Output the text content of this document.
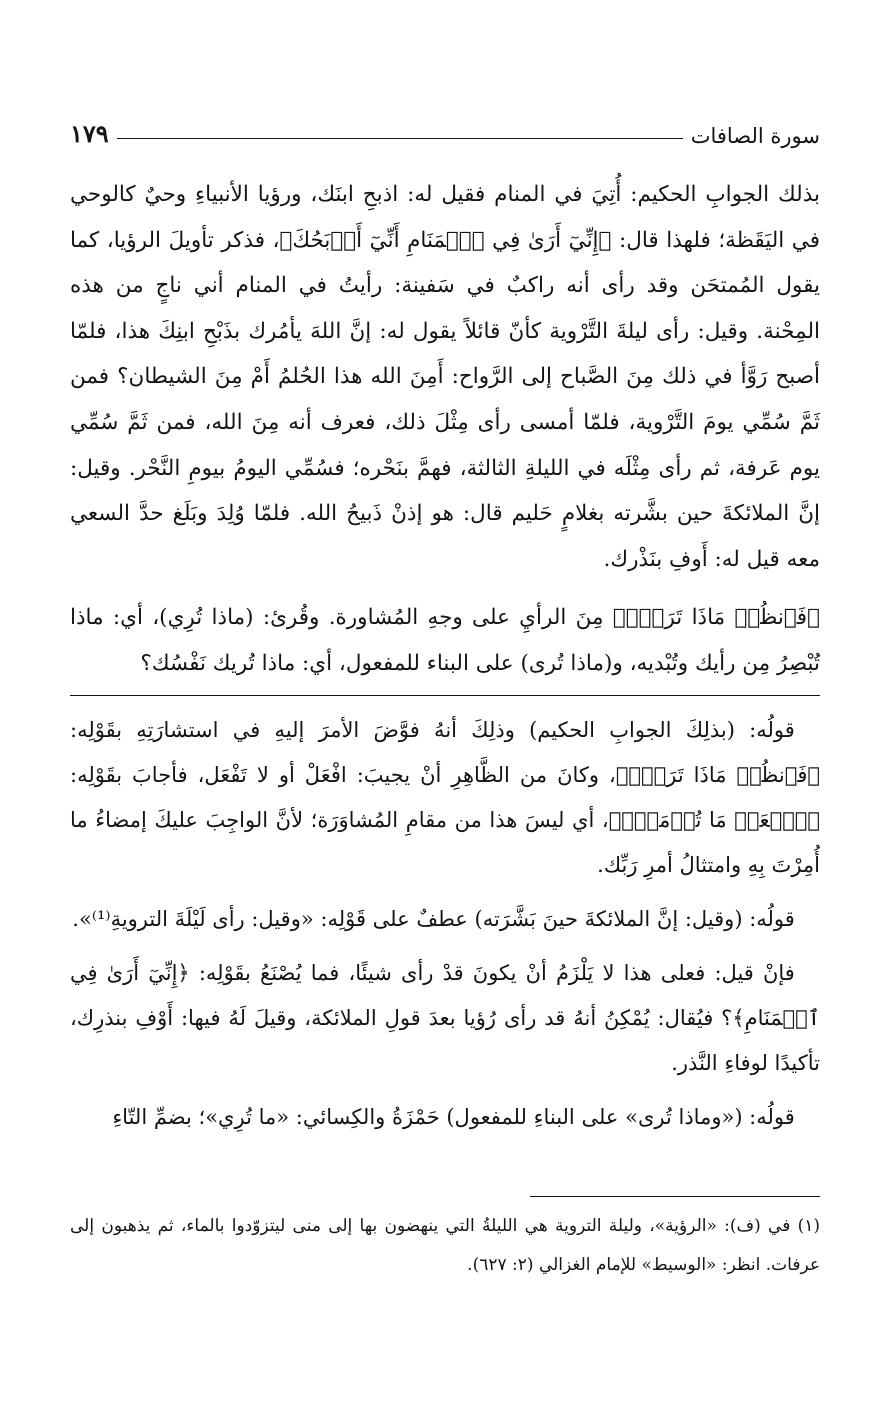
سورة الصافات
١٧٩

بذلك الجوابِ الحكيم: أُتِيَ في المنام فقيل له: اذبحِ ابنَك، ورؤيا الأنبياءِ وحيٌ كالوحي في اليَقَظة؛ فلهذا قال: ﴿إِنِّيٓ أَرَىٰ فِي ٱلۡمَنَامِ أَنِّيٓ أَذۡبَحُكَ﴾، فذكر تأويلَ الرؤيا، كما يقول المُمتحَن وقد رأى أنه راكبٌ في سَفينة: رأيتُ في المنام أني ناجٍ من هذه المِحْنة. وقيل: رأى ليلةَ التَّرْوية كأنّ قائلاً يقول له: إنَّ اللهَ يأمُرك بذَبْحِ ابنِكَ هذا، فلمّا أصبح رَوَّأ في ذلك مِنَ الصَّباح إلى الرَّواح: أَمِنَ الله هذا الحُلمُ أَمْ مِنَ الشيطان؟ فمن ثَمَّ سُمِّي يومَ التَّرْوية، فلمّا أمسى رأى مِثْلَ ذلك، فعرف أنه مِنَ الله، فمن ثَمَّ سُمِّي يوم عَرفة، ثم رأى مِثْلَه في الليلةِ الثالثة، فهمَّ بنَحْره؛ فسُمِّي اليومُ بيومِ النَّحْر. وقيل: إنَّ الملائكةَ حين بشَّرته بغلامٍ حَليم قال: هو إذنْ ذَبيحُ الله. فلمّا وُلِدَ وبَلَغ حدَّ السعي معه قيل له: أَوفِ بنَذْرك.

﴿فَٱنظُرۡ مَاذَا تَرَىٰۚ﴾ مِنَ الرأيِ على وجهِ المُشاورة. وقُرئ: (ماذا تُرِي)، أي: ماذا تُبْصِرُ مِن رأيك وتُبْديه، و(ماذا تُرى) على البناء للمفعول، أي: ماذا تُريك نَفْسُك؟

قولُه: (بذلِكَ الجوابِ الحكيم) وذلِكَ أنهُ فوَّضَ الأمرَ إليهِ في استشارَتِهِ بقَوْلِه: ﴿فَٱنظُرۡ مَاذَا تَرَىٰۚ﴾، وكانَ من الظَّاهِرِ أنْ يجيبَ: افْعَلْ أو لا تَفْعَل، فأجابَ بقَوْلِه: ﴿ٱفۡعَلۡ مَا تُؤۡمَرُۖ﴾، أي ليسَ هذا من مقامِ المُشاوَرَة؛ لأنَّ الواجِبَ عليكَ إمضاءُ ما أُمِرْتَ بِهِ وامتثالُ أمرِ رَبِّك.

قولُه: (وقيل: إنَّ الملائكةَ حينَ بَشَّرَته) عطفٌ على قَوْلِه: «وقيل: رأى لَيْلَةَ الترويةِ⁽¹⁾».

فإنْ قيل: فعلى هذا لا يَلْزَمُ أنْ يكونَ قدْ رأى شيئًا، فما يُصْنَعُ بقَوْلِه: ﴿إِنِّيٓ أَرَىٰ فِي ٱلۡمَنَامِ﴾؟ فيُقال: يُمْكِنُ أنهُ قد رأى رُؤيا بعدَ قولِ الملائكة، وقيلَ لَهُ فيها: أَوْفِ بنذرِك، تأكيدًا لوفاءِ النَّذر.

قولُه: («وماذا تُرى» على البناءِ للمفعول) حَمْزَةُ والكِسائي: «ما تُرِي»؛ بضمِّ التّاءِ

(١) في (ف): «الرؤية»، وليلة التروية هي الليلةُ التي ينهضون بها إلى منى ليتزوّدوا بالماء، ثم يذهبون إلى عرفات. انظر: «الوسيط» للإمام الغزالي (٢: ٦٢٧).
